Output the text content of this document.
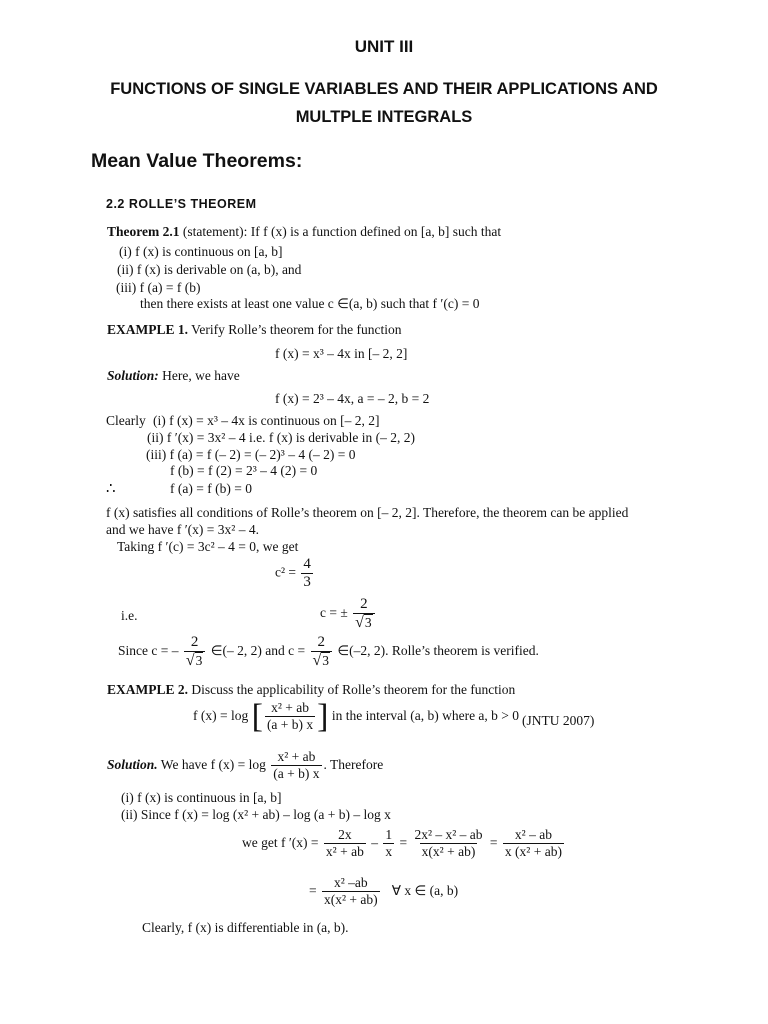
UNIT III
FUNCTIONS OF SINGLE VARIABLES AND THEIR APPLICATIONS AND
MULTPLE INTEGRALS
Mean Value Theorems:
2.2 ROLLE’S THEOREM
Theorem 2.1 (statement): If f (x) is a function defined on [a, b] such that
(i) f (x) is continuous on [a, b]
(ii) f (x) is derivable on (a, b), and
(iii) f (a) = f (b)
then there exists at least one value c ∈(a, b) such that f ′(c) = 0
EXAMPLE 1. Verify Rolle’s theorem for the function
f (x) = x³ – 4x in [– 2, 2]
Solution: Here, we have
f (x) = 2³ – 4x, a = – 2, b = 2
Clearly (i) f (x) = x³ – 4x is continuous on [– 2, 2]
(ii) f ′(x) = 3x² – 4 i.e. f (x) is derivable in (– 2, 2)
(iii) f (a) = f (– 2) = (– 2)³ – 4 (– 2) = 0
f (b) = f (2) = 2³ – 4 (2) = 0
∴	f (a) = f (b) = 0
f (x) satisfies all conditions of Rolle’s theorem on [– 2, 2]. Therefore, the theorem can be applied
and we have f ′(x) = 3x² – 4.
Taking f ′(c) = 3c² – 4 = 0, we get
$c^2 = \frac{4}{3}$
i.e.	c = ± $\frac{2}{√3}$
Since c = – $\frac{2}{√3}$ ∈(– 2, 2) and $c = \frac{2}{√3}$ ∈(–2, 2). Rolle’s theorem is verified.
EXAMPLE 2. Discuss the applicability of Rolle’s theorem for the function
f (x) = log [ $\frac{\text{x² + ab}}{(a + b) x}$ ] in the interval (a, b) where a, b > 0 (JNTU 2007)
Solution. We have f $(x) = \log \frac{\text{x² + ab}}{(a + b) x}$ . Therefore
(i) f (x) is continuous in [a, b]
(ii) Since f (x) = log (x² + ab) – log (a + b) – log x
we get f $'(x) = \frac{2x}{\text{x² + ab}} - \frac{1}{x} = \frac{\text{2x² – x² – ab}}{\text{x(x² + ab)}} = \frac{\text{x² – ab}}{\text{x (x² + ab)}}$
= $\frac{\text{x² –ab}}{\text{x(x² + ab)}}$ ∀ x ∈ (a, b)
Clearly, f (x) is differentiable in (a, b).
